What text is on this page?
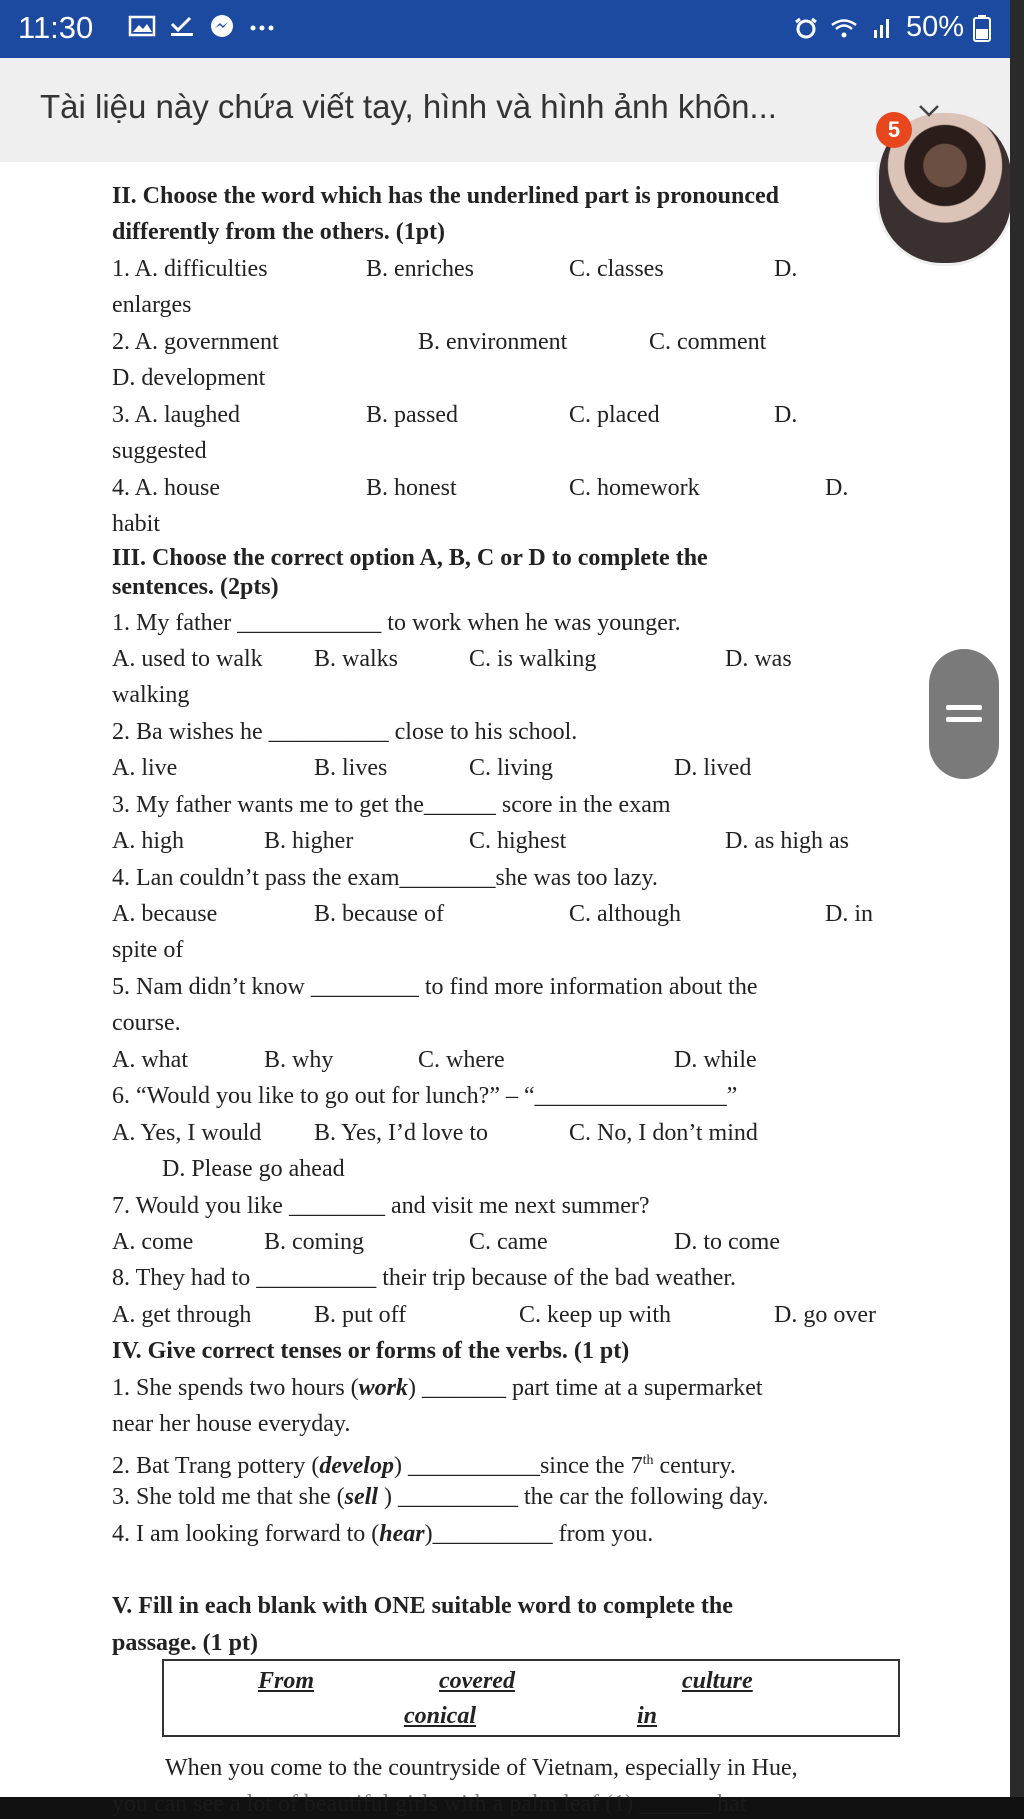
11:30	50%
Tài liệu này chứa viết tay, hình và hình ảnh khôn...
II. Choose the word which has the underlined part is pronounced
differently from the others. (1pt)
1. A. difficulties	B. enriches	C. classes	D.
enlarges
2. A. government	B. environment	C. comment
D. development
3. A. laughed	B. passed	C. placed	D.
suggested
4. A. house	B. honest	C. homework	D.
habit
III. Choose the correct option A, B, C or D to complete the
sentences. (2pts)
1. My father ____________ to work when he was younger.
A. used to walk B. walks	C. is walking	D. was
walking
2. Ba wishes he __________ close to his school.
A. live	B. lives	C. living	D. lived
3. My father wants me to get the______ score in the exam
A. high	B. higher	C. highest	D. as high as
4. Lan couldn’t pass the exam________she was too lazy.
A. because	B. because of	C. although	D. in
spite of
5. Nam didn’t know _________ to find more information about the
course.
A. what	B. why	C. where	D. while
6. “Would you like to go out for lunch?” – “________________”
A. Yes, I would B. Yes, I’d love to	C. No, I don’t mind
D. Please go ahead
7. Would you like ________ and visit me next summer?
A. come	B. coming	C. came	D. to come
8. They had to __________ their trip because of the bad weather.
A. get through	B. put off	C. keep up with	D. go over
IV. Give correct tenses or forms of the verbs. (1 pt)
1. She spends two hours (work) _______ part time at a supermarket
near her house everyday.
2. Bat Trang pottery (develop) ___________since the 7th century.
3. She told me that she (sell ) __________ the car the following day.
4. I am looking forward to (hear)__________ from you.
V. Fill in each blank with ONE suitable word to complete the
passage. (1 pt)
When you come to the countryside of Vietnam, especially in Hue,
you can see a lot of beautiful girls with a palm leaf (1) ______ hat
From	covered	culture
conical	in
5
